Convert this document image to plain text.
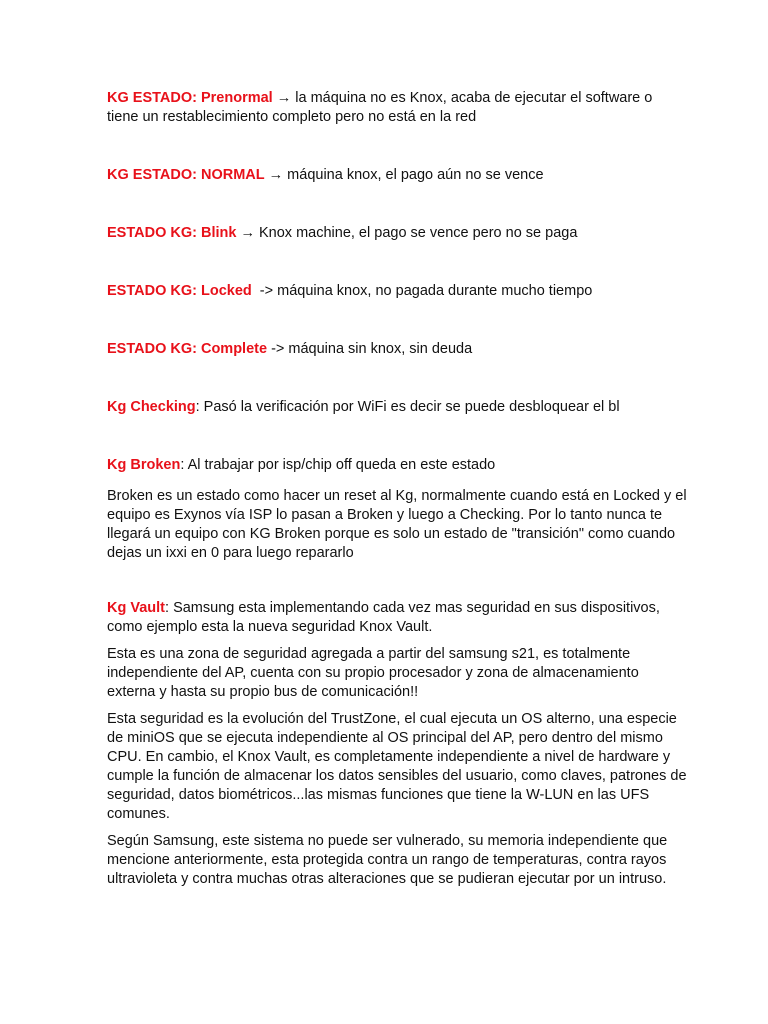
KG ESTADO: Prenormal → la máquina no es Knox, acaba de ejecutar el software o tiene un restablecimiento completo pero no está en la red

KG ESTADO: NORMAL → máquina knox, el pago aún no se vence

ESTADO KG: Blink → Knox machine, el pago se vence pero no se paga

ESTADO KG: Locked  -> máquina knox, no pagada durante mucho tiempo

ESTADO KG: Complete -> máquina sin knox, sin deuda

Kg Checking: Pasó la verificación por WiFi es decir se puede desbloquear el bl

Kg Broken: Al trabajar por isp/chip off queda en este estado

Broken es un estado como hacer un reset al Kg, normalmente cuando está en Locked y el equipo es Exynos vía ISP lo pasan a Broken y luego a Checking. Por lo tanto nunca te llegará un equipo con KG Broken porque es solo un estado de "transición" como cuando dejas un ixxi en 0 para luego repararlo

Kg Vault: Samsung esta implementando cada vez mas seguridad en sus dispositivos, como ejemplo esta la nueva seguridad Knox Vault.

Esta es una zona de seguridad agregada a partir del samsung s21, es totalmente independiente del AP, cuenta con su propio procesador y zona de almacenamiento externa y hasta su propio bus de comunicación!!

Esta seguridad es la evolución del TrustZone, el cual ejecuta un OS alterno, una especie de miniOS que se ejecuta independiente al OS principal del AP, pero dentro del mismo CPU. En cambio, el Knox Vault, es completamente independiente a nivel de hardware y cumple la función de almacenar los datos sensibles del usuario, como claves, patrones de seguridad, datos biométricos...las mismas funciones que tiene la W-LUN en las UFS comunes.

Según Samsung, este sistema no puede ser vulnerado, su memoria independiente que mencione anteriormente, esta protegida contra un rango de temperaturas, contra rayos ultravioleta y contra muchas otras alteraciones que se pudieran ejecutar por un intruso.
